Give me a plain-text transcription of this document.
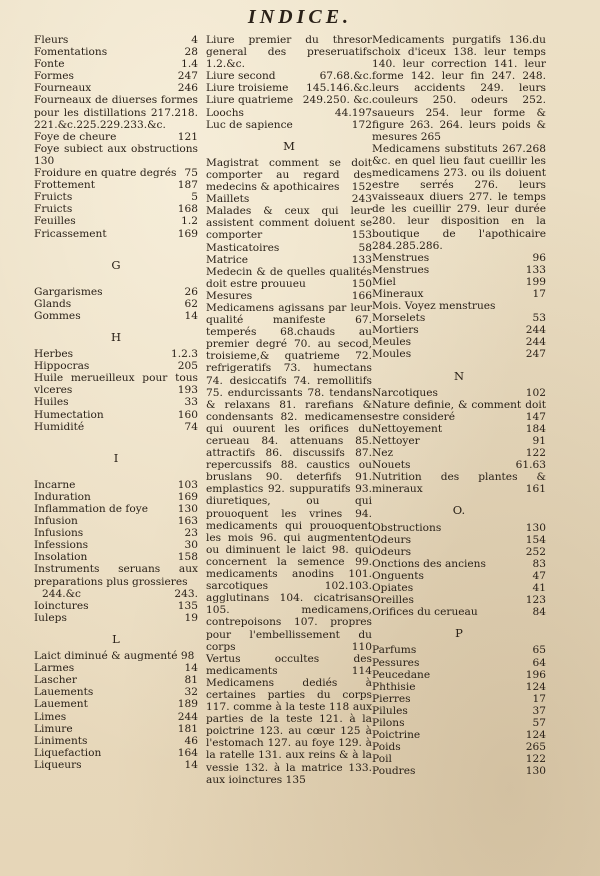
INDICE.
Fleurs	4
Fomentations	28
Fonte	1.4
Formes	247
Fourneaux	246
Fourneaux de diuerses formes pour les distillations 217.218. 221.&c.225.229.233.&c.
Foye de cheure	121
Foye subiect aux obstructions 130
Froidure en quatre degrés 75
Frottement	187
Fruicts	5
Fruicts	168
Feuilles	1.2
Fricassement	169
G
Gargarismes	26
Glands	62
Gommes	14
H
Herbes	1.2.3
Hippocras	205
Huile merueilleux pour tous vlceres	193
Huiles	33
Humectation	160
Humidité	74
I
Incarne	103
Induration	169
Inflammation de foye	130
Infusion	163
Infusions	23
Infessions	30
Insolation	158
Instruments seruans aux preparations plus grossieres
243.
244.&c
Ioinctures	135
Iuleps	19
L
Laict diminué & augmenté 98
Larmes	14
Lascher	81
Lauements	32
Lauement	189
Limes	244
Limure	181
Liniments	46
Liquefaction	164
Liqueurs	14
Liure premier du thresor general des preseruatifs 1.2.&c.
Liure second	67.68.&c.
Liure troisieme	145.146.&c.
Liure quatrieme 249.250. &c.
Loochs	44.197
Luc de sapience	172
M
Magistrat comment se doit comporter au regard des medecins & apothicaires 152
Maillets	243
Malades & ceux qui leur assistent comment doiuent se comporter	153
Masticatoires	58
Matrice	133
Medecin & de quelles qualités doit estre prouueu	150
Mesures	166
Medicamens agissans par leur qualité manifeste 67. temperés 68.chauds au premier degré 70. au secod, troisieme,& quatrieme 72. refrigeratifs 73. humectans 74. desiccatifs 74. remollitifs 75. endurcissants 78. tendans & relaxans 81. rarefians & condensants 82. medicamens qui ouurent les orifices du cerueau 84. attenuans 85. attractifs 86. discussifs 87. repercussifs 88. caustics ou bruslans 90. deterfifs 91. emplastics 92. suppuratifs 93. diuretiques, ou qui prouoquent les vrines 94. medicaments qui prouoquent les mois 96. qui augmentent ou diminuent le laict 98. qui concernent la semence 99. medicaments anodins 101. sarcotiques 102.103. agglutinans 104. cicatrisans 105. medicamens, contrepoisons 107. propres pour l'embellissement du corps	110
Vertus occultes des medicaments	114
Medicamens dediés à certaines parties du corps 117. comme à la teste 118 aux parties de la teste 121. à la poictrine 123. au cœur 125 à l'estomach 127. au foye 129. à la ratelle 131. aux reins & à la vessie 132. à la matrice 133. aux ioinctures 135
Medicaments purgatifs 136.du choix d'iceux 138. leur temps 140. leur correction 141. leur forme 142. leur fin 247. 248. leurs accidents 249. leurs couleurs 250. odeurs 252. saueurs 254. leur forme & figure 263. 264. leurs poids & mesures 265
Medicamens substituts 267.268 &c. en quel lieu faut cueillir les medicamens 273. ou ils doiuent estre serrés 276. leurs vaisseaux diuers 277. le temps de les cueillir 279. leur durée 280. leur disposition en la boutique de l'apothicaire 284.285.286.
Menstrues	96
Menstrues	133
Miel	199
Mineraux	17
Mois. Voyez menstrues
Morselets	53
Mortiers	244
Meules	244
Moules	247
N
Narcotiques	102
Nature definie, & comment doit estre consideré	147
Nettoyement	184
Nettoyer	91
Nez	122
Nouets	61.63
Nutrition des plantes & mineraux	161
O.
Obstructions	130
Odeurs	154
Odeurs	252
Onctions des anciens	83
Onguents	47
Opiates	41
Oreilles	123
Orifices du cerueau	84
P
Parfums	65
Pessures	64
Peucedane	196
Phthisie	124
Pierres	17
Pilules	37
Pilons	57
Poictrine	124
Poids	265
Poil	122
Poudres	130
